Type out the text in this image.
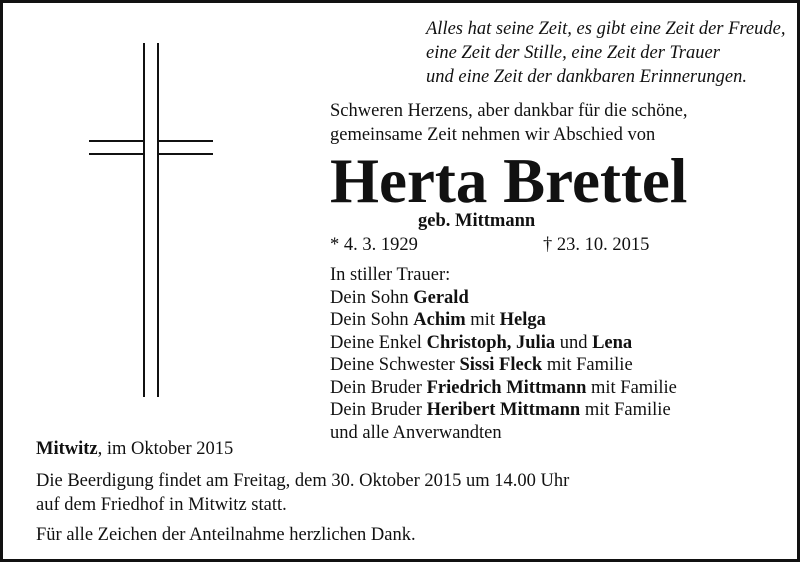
Alles hat seine Zeit, es gibt eine Zeit der Freude,
eine Zeit der Stille, eine Zeit der Trauer
und eine Zeit der dankbaren Erinnerungen.

Schweren Herzens, aber dankbar für die schöne,
gemeinsame Zeit nehmen wir Abschied von

Herta Brettel

geb. Mittmann

* 4. 3. 1929	† 23. 10. 2015

In stiller Trauer:
Dein Sohn Gerald
Dein Sohn Achim mit Helga
Deine Enkel Christoph, Julia und Lena
Deine Schwester Sissi Fleck mit Familie
Dein Bruder Friedrich Mittmann mit Familie
Dein Bruder Heribert Mittmann mit Familie
und alle Anverwandten

Mitwitz, im Oktober 2015

Die Beerdigung findet am Freitag, dem 30. Oktober 2015 um 14.00 Uhr
auf dem Friedhof in Mitwitz statt.

Für alle Zeichen der Anteilnahme herzlichen Dank.
